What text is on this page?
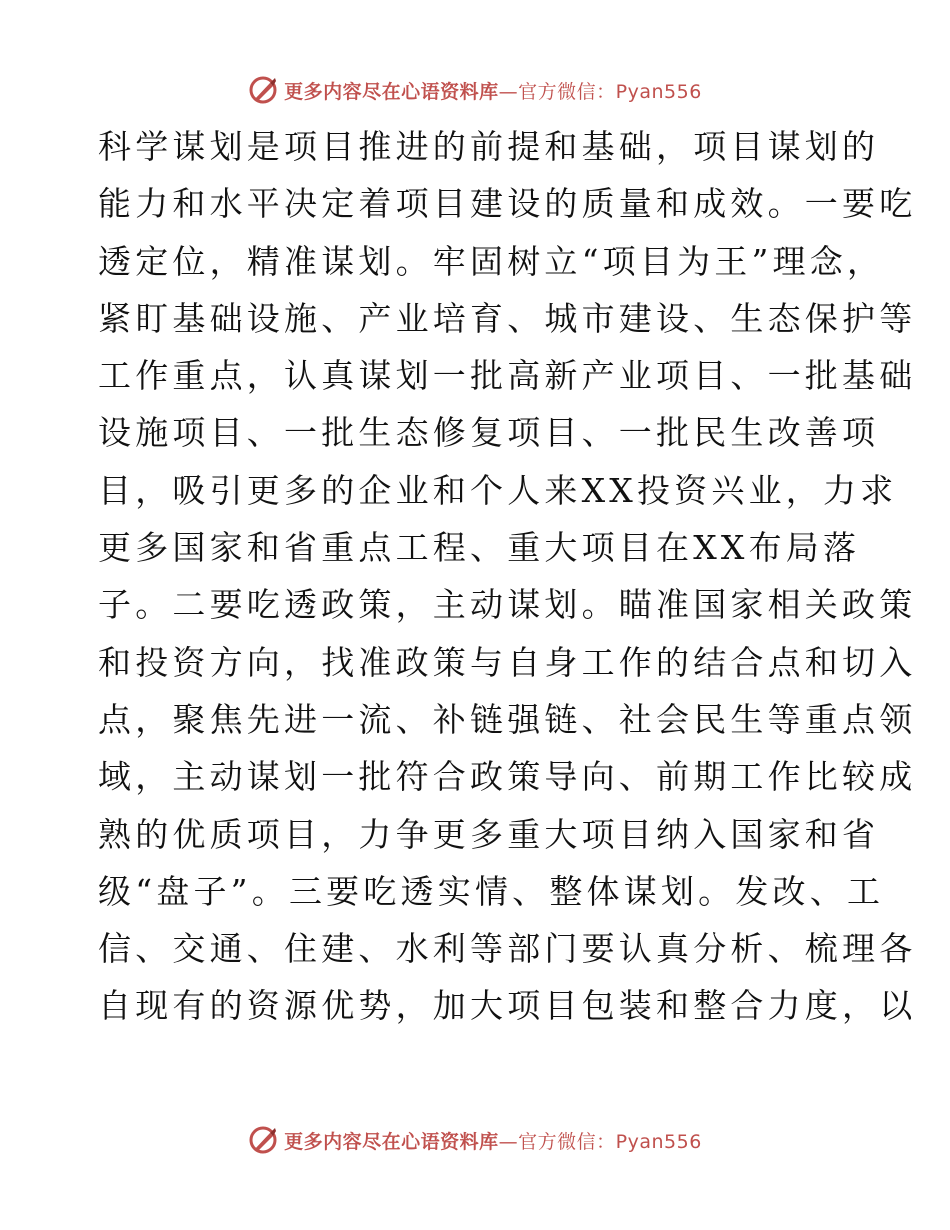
更多内容尽在心语资料库—官方微信：Pyan556
科学谋划是项目推进的前提和基础，项目谋划的
能力和水平决定着项目建设的质量和成效。一要吃
透定位，精准谋划。牢固树立“项目为王”理念，
紧盯基础设施、产业培育、城市建设、生态保护等
工作重点，认真谋划一批高新产业项目、一批基础
设施项目、一批生态修复项目、一批民生改善项
目，吸引更多的企业和个人来XX投资兴业，力求
更多国家和省重点工程、重大项目在XX布局落
子。二要吃透政策，主动谋划。瞄准国家相关政策
和投资方向，找准政策与自身工作的结合点和切入
点，聚焦先进一流、补链强链、社会民生等重点领
域，主动谋划一批符合政策导向、前期工作比较成
熟的优质项目，力争更多重大项目纳入国家和省
级“盘子”。三要吃透实情、整体谋划。发改、工
信、交通、住建、水利等部门要认真分析、梳理各
自现有的资源优势，加大项目包装和整合力度，以
更多内容尽在心语资料库—官方微信：Pyan556
